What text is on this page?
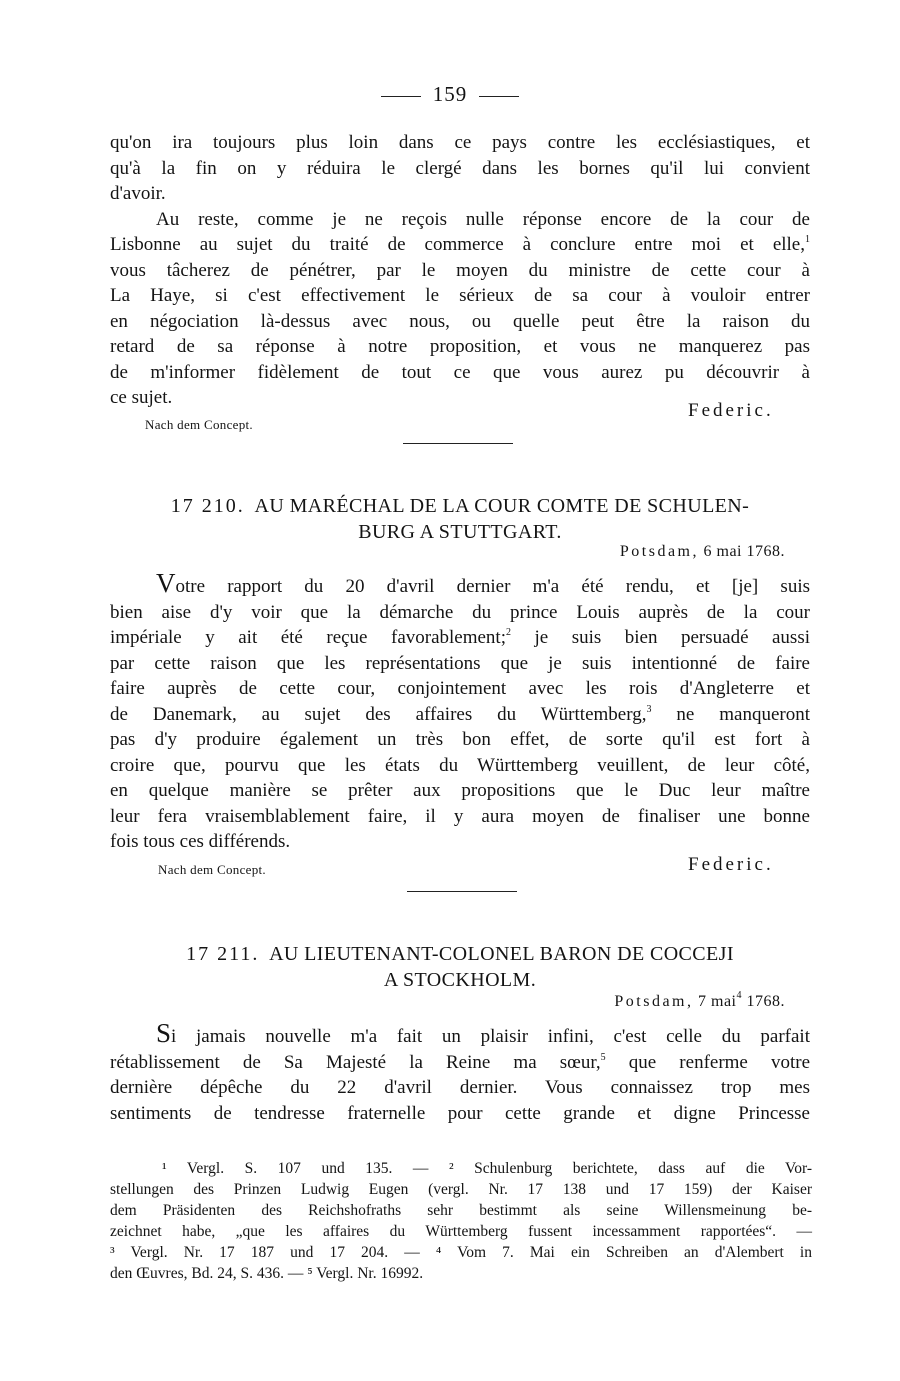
159
qu'on ira toujours plus loin dans ce pays contre les ecclésiastiques, et
qu'à la fin on y réduira le clergé dans les bornes qu'il lui convient
d'avoir.
Au reste, comme je ne reçois nulle réponse encore de la cour de
Lisbonne au sujet du traité de commerce à conclure entre moi et elle,$^1$
vous tâcherez de pénétrer, par le moyen du ministre de cette cour à
La Haye, si c'est effectivement le sérieux de sa cour à vouloir entrer
en négociation là-dessus avec nous, ou quelle peut être la raison du
retard de sa réponse à notre proposition, et vous ne manquerez pas
de m'informer fidèlement de tout ce que vous aurez pu découvrir à
ce sujet.
Federic.
Nach dem Concept.
17 210. AU MARÉCHAL DE LA COUR COMTE DE SCHULEN-
BURG A STUTTGART.
Potsdam, 6 mai 1768.
Votre rapport du 20 d'avril dernier m'a été rendu, et [je] suis
bien aise d'y voir que la démarche du prince Louis auprès de la cour
impériale y ait été reçue favorablement;$^2$ je suis bien persuadé aussi
par cette raison que les représentations que je suis intentionné de faire
faire auprès de cette cour, conjointement avec les rois d'Angleterre et
de Danemark, au sujet des affaires du Württemberg,$^3$ ne manqueront
pas d'y produire également un très bon effet, de sorte qu'il est fort à
croire que, pourvu que les états du Württemberg veuillent, de leur côté,
en quelque manière se prêter aux propositions que le Duc leur maître
leur fera vraisemblablement faire, il y aura moyen de finaliser une bonne
fois tous ces différends.
Nach dem Concept.	Federic.
17 211. AU LIEUTENANT-COLONEL BARON DE COCCEJI
A STOCKHOLM.
Potsdam, 7 mai$^4$ 1768.
Si jamais nouvelle m'a fait un plaisir infini, c'est celle du parfait
rétablissement de Sa Majesté la Reine ma sœur,$^5$ que renferme votre
dernière dépêche du 22 d'avril dernier. Vous connaissez trop mes
sentiments de tendresse fraternelle pour cette grande et digne Princesse
¹ Vergl. S. 107 und 135. — ² Schulenburg berichtete, dass auf die Vor-
stellungen des Prinzen Ludwig Eugen (vergl. Nr. 17 138 und 17 159) der Kaiser
dem Präsidenten des Reichshofraths sehr bestimmt als seine Willensmeinung be-
zeichnet habe, „que les affaires du Württemberg fussent incessamment rapportées“. —
³ Vergl. Nr. 17 187 und 17 204. — ⁴ Vom 7. Mai ein Schreiben an d'Alembert in
den Œuvres, Bd. 24, S. 436. — ⁵ Vergl. Nr. 16992.
